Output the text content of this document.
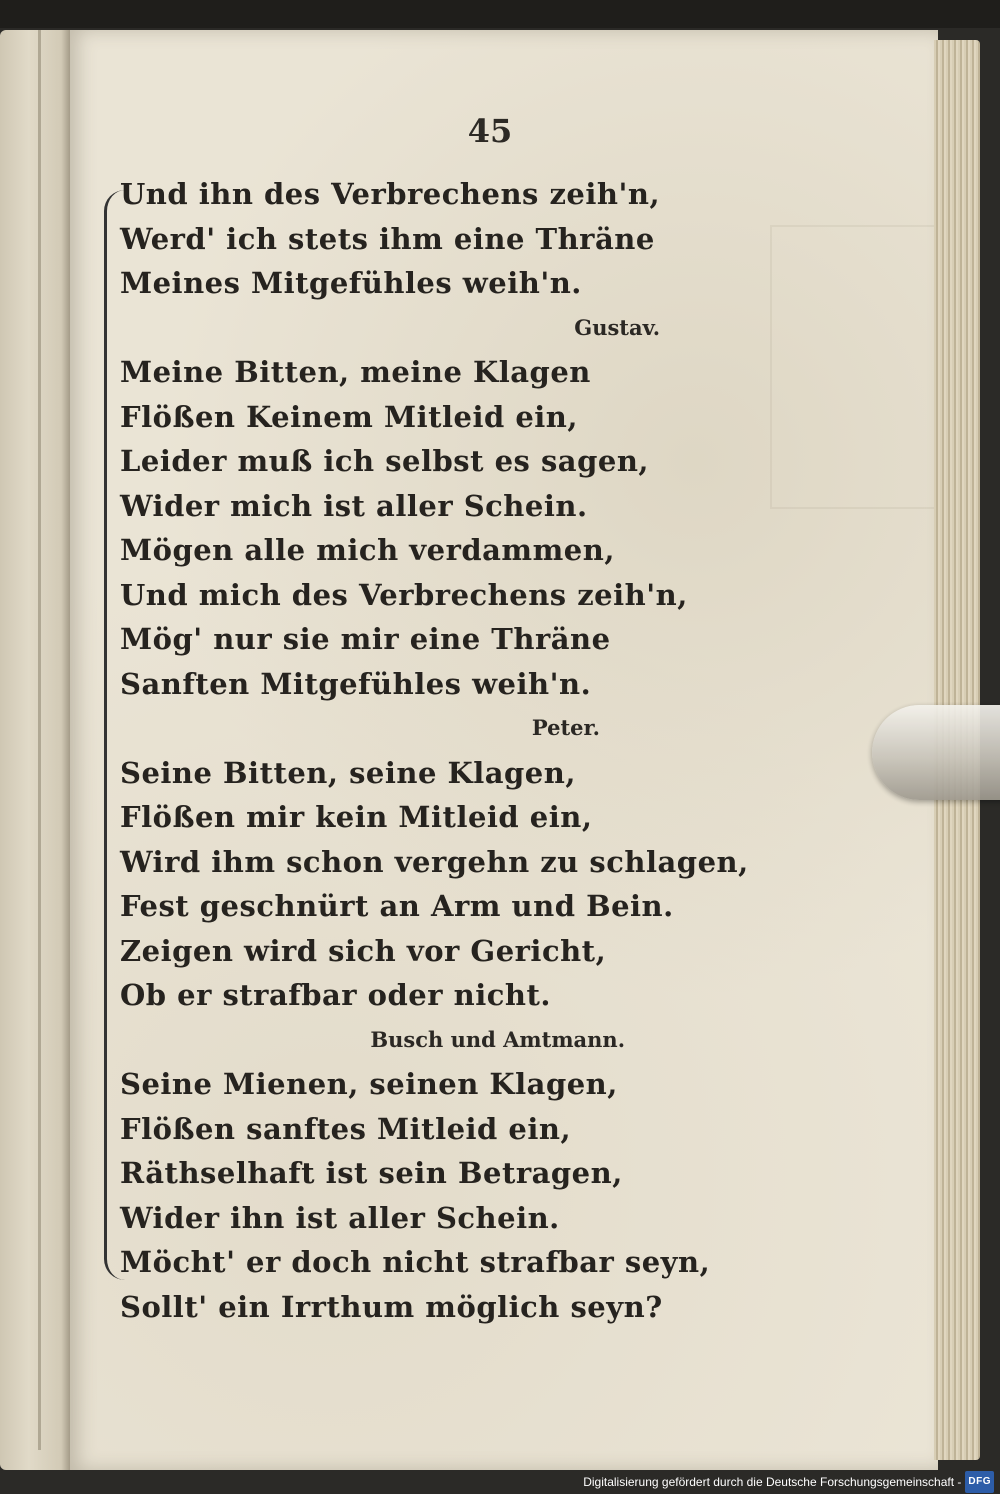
45
Und ihn des Verbrechens zeih'n,
Werd' ich stets ihm eine Thräne
Meines Mitgefühles weih'n.
Gustav.
Meine Bitten, meine Klagen
Flößen Keinem Mitleid ein,
Leider muß ich selbst es sagen,
Wider mich ist aller Schein.
Mögen alle mich verdammen,
Und mich des Verbrechens zeih'n,
Mög' nur sie mir eine Thräne
Sanften Mitgefühles weih'n.
Peter.
Seine Bitten, seine Klagen,
Flößen mir kein Mitleid ein,
Wird ihm schon vergehn zu schlagen,
Fest geschnürt an Arm und Bein.
Zeigen wird sich vor Gericht,
Ob er strafbar oder nicht.
Busch und Amtmann.
Seine Mienen, seinen Klagen,
Flößen sanftes Mitleid ein,
Räthselhaft ist sein Betragen,
Wider ihn ist aller Schein.
Möcht' er doch nicht strafbar seyn,
Sollt' ein Irrthum möglich seyn?
Digitalisierung gefördert durch die Deutsche Forschungsgemeinschaft - DFG
